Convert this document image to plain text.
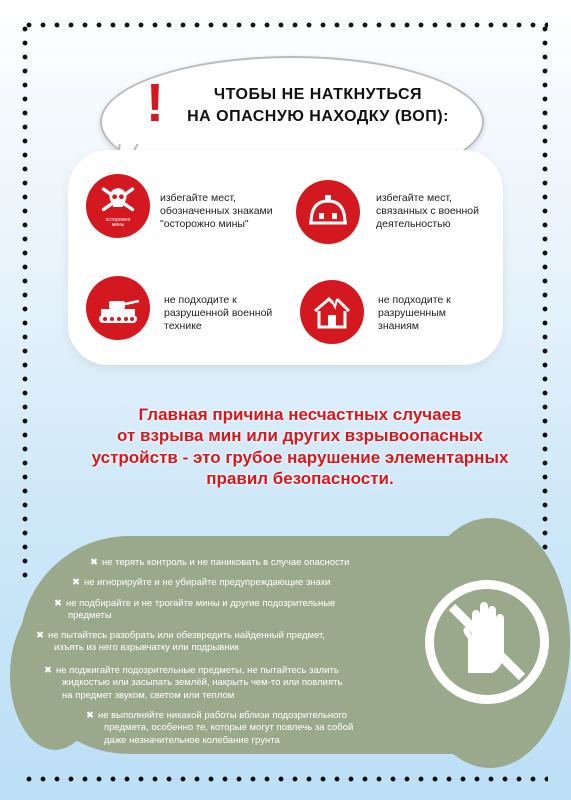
!	ЧТОБЫ НЕ НАТКНУТЬСЯ
НА ОПАСНУЮ НАХОДКУ (ВОП):
осторожно
мины
избегайте мест,
обозначенных знаками
"осторожно мины"
избегайте мест,
связанных с военной
деятельностью
не подходите к
разрушенной военной
технике
не подходите к
разрушенным
знаниям
Главная причина несчастных случаев
от взрыва мин или других взрывоопасных
устройств - это грубое нарушение элементарных
правил безопасности.
✖ не терять контроль и не паниковать в случае опасности
✖ не игнорируйте и не убирайте предупреждающие знаки
✖ не подбирайте и не трогайте мины и другие подозрительные
предметы
✖ не пытайтесь разобрать или обезвредить найденный предмет,
изъять из него взрывчатку или подрывник
✖ не поджигайте подозрительные предметы, не пытайтесь залить
жидкостью или засыпать землёй, накрыть чем-то или повлиять
на предмет звуком, светом или теплом
✖ не выполняйте никакой работы вблизи подозрительного
предмета, особенно те, которые могут повлечь за собой
даже незначительное колебание грунта
